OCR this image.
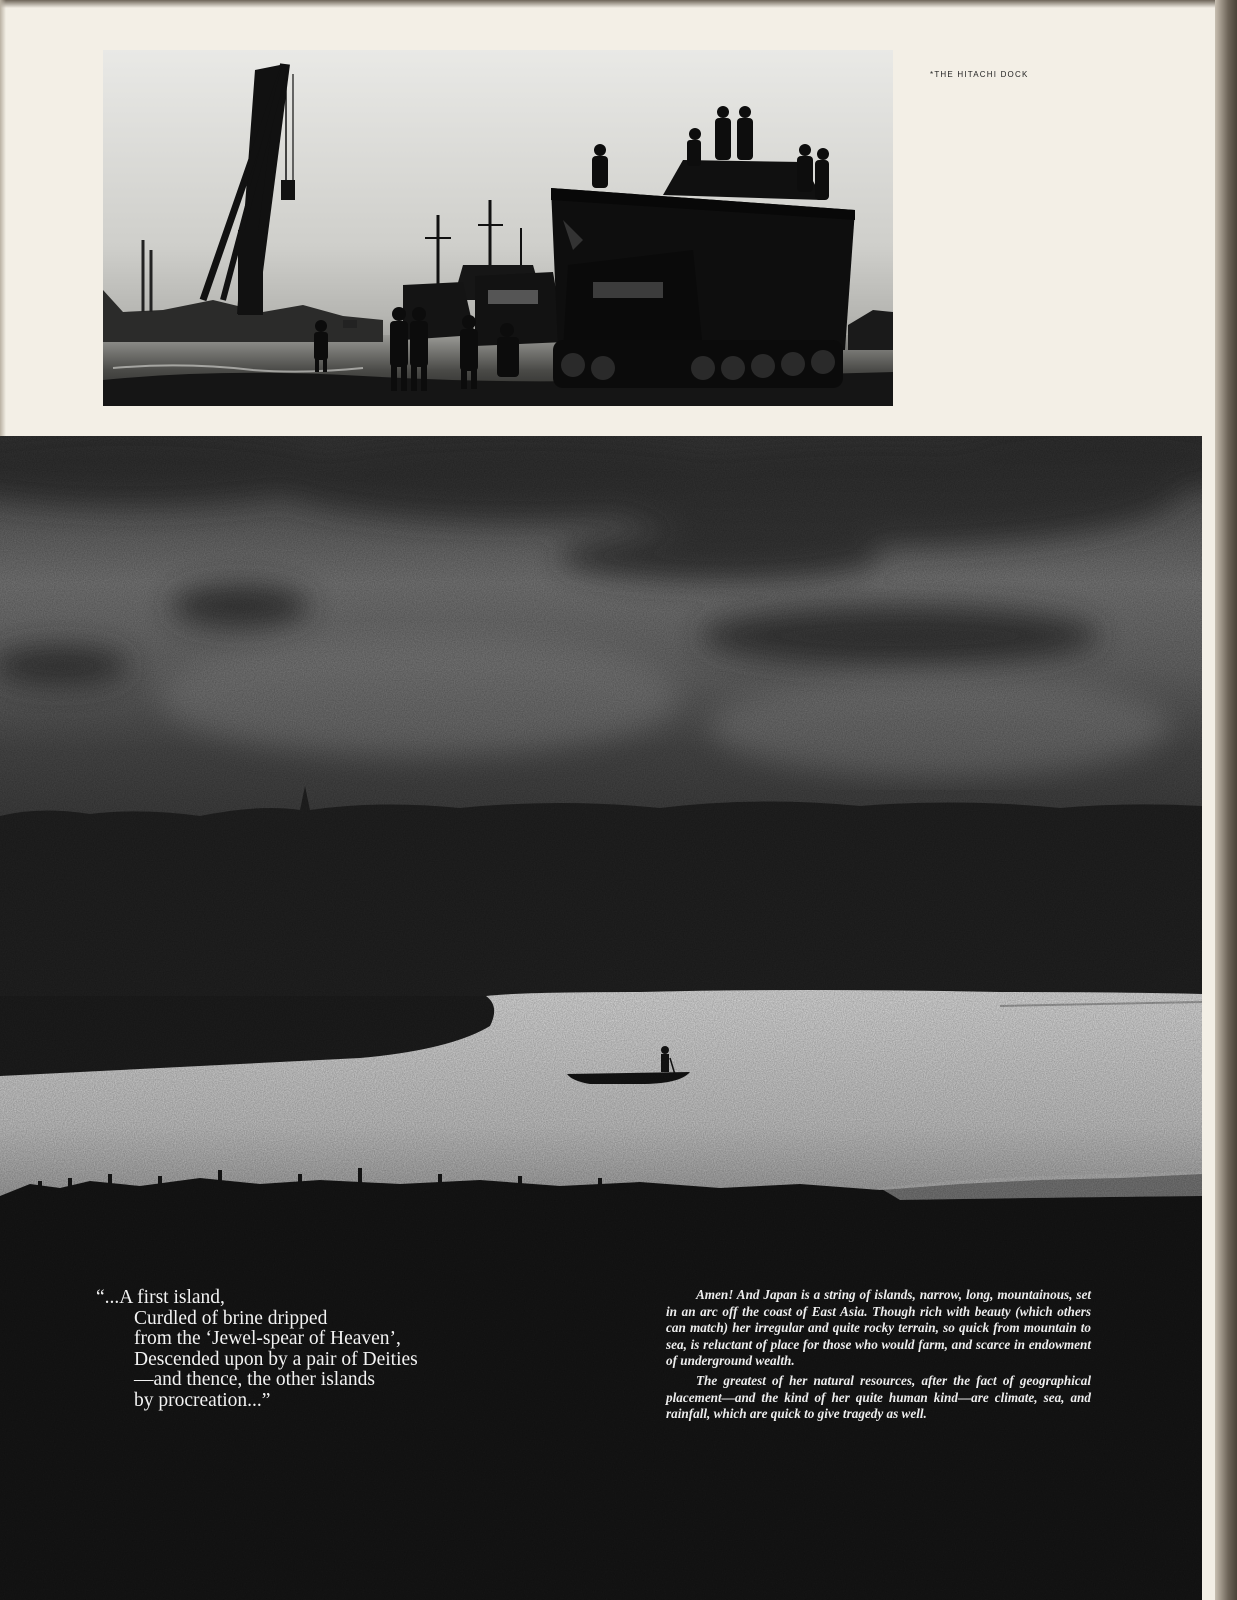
*THE HITACHI DOCK
“...A first island,
Curdled of brine dripped
from the ‘Jewel-spear of Heaven’,
Descended upon by a pair of Deities
—and thence, the other islands
by procreation...”

Amen! And Japan is a string of islands, narrow, long, mountainous, set in an arc off the coast of East Asia. Though rich with beauty (which others can match) her irregular and quite rocky terrain, so quick from mountain to sea, is reluctant of place for those who would farm, and scarce in endowment of underground wealth.

The greatest of her natural resources, after the fact of geographical placement—and the kind of her quite human kind—are climate, sea, and rainfall, which are quick to give tragedy as well.
